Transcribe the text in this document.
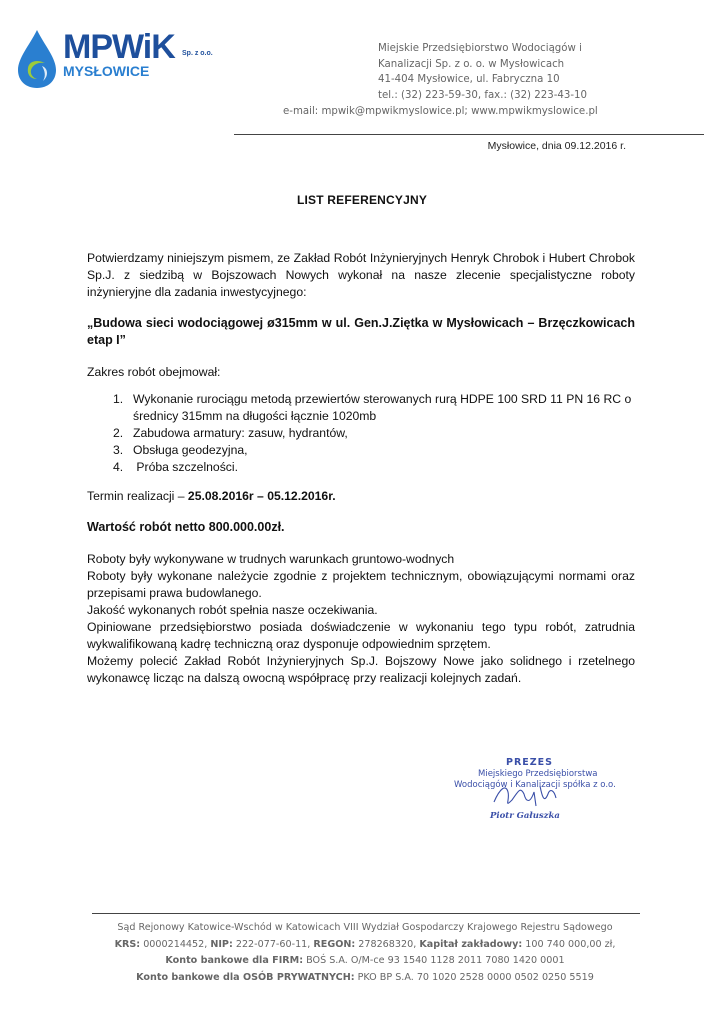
MPWiK Sp. z o.o.
MYSŁOWICE
Miejskie Przedsiębiorstwo Wodociągów i
Kanalizacji Sp. z o. o. w Mysłowicach
41-404 Mysłowice, ul. Fabryczna 10
tel.: (32) 223-59-30, fax.: (32) 223-43-10
e-mail: mpwik@mpwikmyslowice.pl; www.mpwikmyslowice.pl
Mysłowice, dnia 09.12.2016 r.
LIST REFERENCYJNY
Potwierdzamy niniejszym pismem, ze Zakład Robót Inżynieryjnych Henryk Chrobok i Hubert Chrobok Sp.J. z siedzibą w Bojszowach Nowych wykonał na nasze zlecenie specjalistyczne roboty inżynieryjne dla zadania inwestycyjnego:
„Budowa sieci wodociągowej ø315mm w ul. Gen.J.Ziętka w Mysłowicach – Brzęczkowicach etap I”
Zakres robót obejmował:
1. Wykonanie rurociągu metodą przewiertów sterowanych rurą HDPE 100 SRD 11 PN 16 RC o średnicy 315mm na długości łącznie 1020mb
2. Zabudowa armatury: zasuw, hydrantów,
3. Obsługa geodezyjna,
4. Próba szczelności.
Termin realizacji – 25.08.2016r – 05.12.2016r.
Wartość robót netto 800.000.00zł.

Roboty były wykonywane w trudnych warunkach gruntowo-wodnych

Roboty były wykonane należycie zgodnie z projektem technicznym, obowiązującymi normami oraz przepisami prawa budowlanego.

Jakość wykonanych robót spełnia nasze oczekiwania.

Opiniowane przedsiębiorstwo posiada doświadczenie w wykonaniu tego typu robót, zatrudnia wykwalifikowaną kadrę techniczną oraz dysponuje odpowiednim sprzętem.

Możemy polecić Zakład Robót Inżynieryjnych Sp.J. Bojszowy Nowe jako solidnego i rzetelnego wykonawcę licząc na dalszą owocną współpracę przy realizacji kolejnych zadań.

PREZES
Miejskiego Przedsiębiorstwa
Wodociągów i Kanalizacji spółka z o.o.
Piotr Gałuszka
Sąd Rejonowy Katowice-Wschód w Katowicach VIII Wydział Gospodarczy Krajowego Rejestru Sądowego
KRS: 0000214452, NIP: 222-077-60-11, REGON: 278268320, Kapitał zakładowy: 100 740 000,00 zł,
Konto bankowe dla FIRM: BOŚ S.A. O/M-ce 93 1540 1128 2011 7080 1420 0001
Konto bankowe dla OSÓB PRYWATNYCH: PKO BP S.A. 70 1020 2528 0000 0502 0250 5519
